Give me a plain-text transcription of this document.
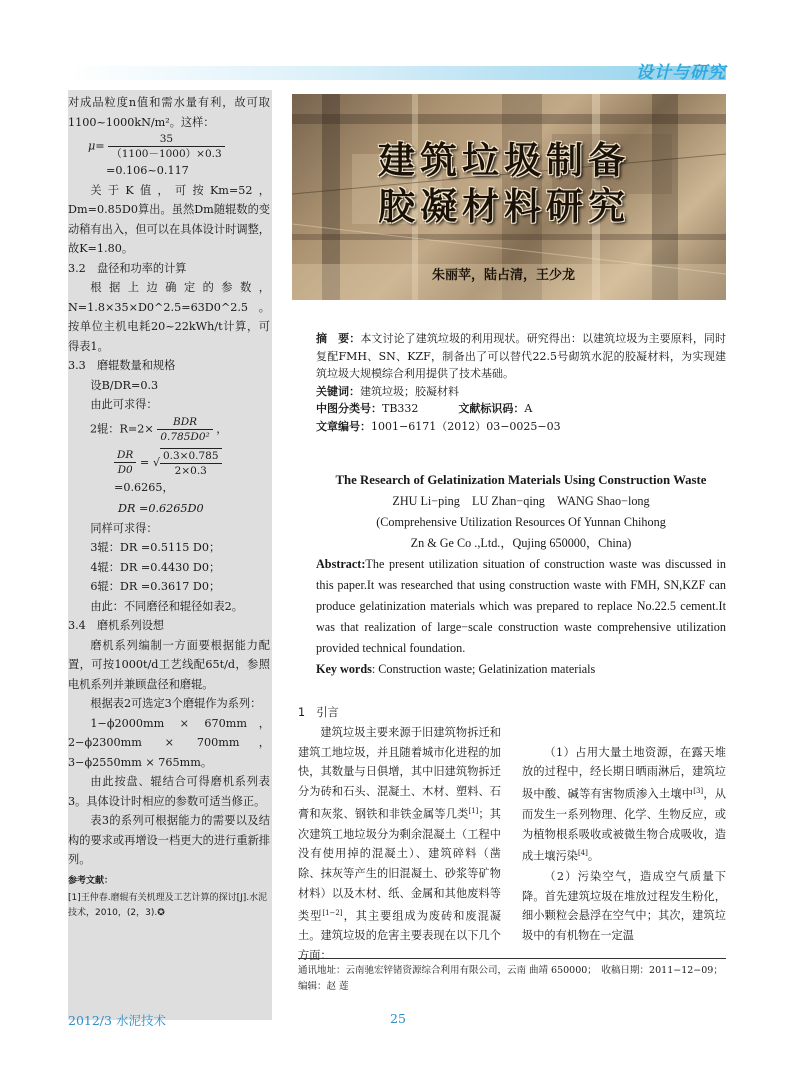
设计与研究

对成品粒度n值和需水量有利，故可取1100~1000kN/m²。这样：

$\mu= \frac{35}{(1100-1000)\times 0.3}$

=0.106~0.117

关于K值，可按Km=52，Dm=0.85D0算出。虽然Dm随辊数的变动稍有出入，但可以在具体设计时调整，故K=1.80。

3.2　盘径和功率的计算

根据上边确定的参数，N=1.8×35×D0^2.5=63D0^2.5。按单位主机电耗20~22kWh/t计算，可得表1。

3.3　磨辊数量和规格

设B/DR=0.3

由此可求得：

2辊：$R=2\times \frac{\text{BDR}}{\text{0.785D0²}}$ ，
$\frac{DR}{D0}$ = √ $\frac{0.3\times 0.785}{2\times 0.3}$
=0.6265，

DR =0.6265D0

同样可求得：

3辊：DR =0.5115 D0；

4辊：DR =0.4430 D0；

6辊：DR =0.3617 D0；

由此：不同磨径和辊径如表2。

3.4　磨机系列设想

磨机系列编制一方面要根据能力配置，可按1000t/d工艺线配65t/d，参照电机系列并兼顾盘径和磨辊。

根据表2可选定3个磨辊作为系列：

1−ϕ2000mm × 670mm， 2−ϕ2300mm × 700mm，3−ϕ2550mm × 765mm。

由此按盘、辊结合可得磨机系列表3。具体设计时相应的参数可适当修正。

表3的系列可根据能力的需要以及结构的要求或再增设一档更大的进行重新排列。

参考文献：
[1]王仲春.磨辊有关机理及工艺计算的探讨[J].水泥技术，2010，(2，3).✪
建筑垃圾制备
胶凝材料研究
朱丽苹，陆占清，王少龙

摘　要：本文讨论了建筑垃圾的利用现状。研究得出：以建筑垃圾为主要原料，同时复配FMH、SN、KZF，制备出了可以替代22.5号砌筑水泥的胶凝材料，为实现建筑垃圾大规模综合利用提供了技术基础。

关键词：建筑垃圾；胶凝材料

中图分类号：TB332	文献标识码：A

文章编号：1001−6171（2012）03−0025−03

The Research of Gelatinization Materials Using Construction Waste
ZHU Li−ping　LU Zhan−qing　WANG Shao−long
(Comprehensive Utilization Resources Of Yunnan Chihong
Zn & Ge Co .,Ltd.，Qujing 650000，China)
Abstract:The present utilization situation of construction waste was discussed in this paper.It was researched that using construction waste with FMH, SN,KZF can produce gelatinization materials which was prepared to replace No.22.5 cement.It was that realization of large−scale construction waste comprehensive utilization provided technical foundation.
Key words: Construction waste; Gelatinization materials

1　 引言

建筑垃圾主要来源于旧建筑物拆迁和建筑工地垃圾，并且随着城市化进程的加快，其数量与日俱增，其中旧建筑物拆迁分为砖和石头、混凝土、木材、塑料、石膏和灰浆、钢铁和非铁金属等几类[1]；其次建筑工地垃圾分为剩余混凝土（工程中没有使用掉的混凝土）、建筑碎料（凿除、抹灰等产生的旧混凝土、砂浆等矿物材料）以及木材、纸、金属和其他废料等类型[1−2]，其主要组成为废砖和废混凝土。建筑垃圾的危害主要表现在以下几个方面：

（1）占用大量土地资源，在露天堆放的过程中，经长期日晒雨淋后，建筑垃圾中酸、碱等有害物质渗入土壤中[3]，从而发生一系列物理、化学、生物反应，或为植物根系吸收或被微生物合成吸收，造成土壤污染[4]。

（2）污染空气，造成空气质量下降。首先建筑垃圾在堆放过程发生粉化，细小颗粒会悬浮在空气中；其次，建筑垃圾中的有机物在一定温

通讯地址：云南驰宏锌锗资源综合利用有限公司，云南 曲靖 650000；　收稿日期：2011−12−09；
编辑：赵 莲
2012/3 水泥技术	25
